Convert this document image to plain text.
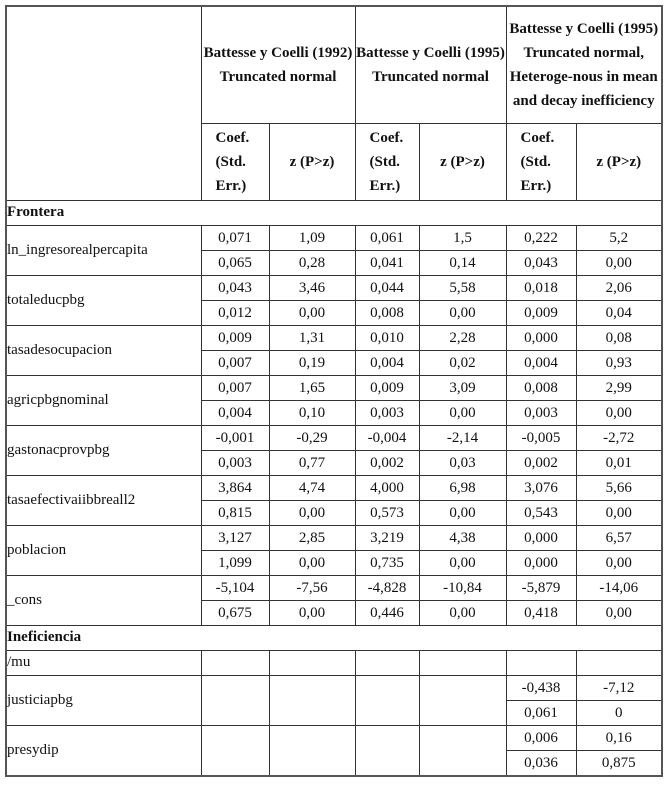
	Battesse y Coelli (1992) Truncated normal		Battesse y Coelli (1995) Truncated normal		Battesse y Coelli (1995) Truncated normal, Heteroge-nous in mean and decay inefficiency	
	Coef. (Std. Err.)	z (P>z)	Coef. (Std. Err.)	z (P>z)	Coef. (Std. Err.)	z (P>z)
Frontera						
ln_ingresorealpercapita	0,071	1,09	0,061	1,5	0,222	5,2
	0,065	0,28	0,041	0,14	0,043	0,00
totaleducpbg	0,043	3,46	0,044	5,58	0,018	2,06
	0,012	0,00	0,008	0,00	0,009	0,04
tasadesocupacion	0,009	1,31	0,010	2,28	0,000	0,08
	0,007	0,19	0,004	0,02	0,004	0,93
agricpbgnominal	0,007	1,65	0,009	3,09	0,008	2,99
	0,004	0,10	0,003	0,00	0,003	0,00
gastonacprovpbg	-0,001	-0,29	-0,004	-2,14	-0,005	-2,72
	0,003	0,77	0,002	0,03	0,002	0,01
tasaefectivaiibbreall2	3,864	4,74	4,000	6,98	3,076	5,66
	0,815	0,00	0,573	0,00	0,543	0,00
poblacion	3,127	2,85	3,219	4,38	0,000	6,57
	1,099	0,00	0,735	0,00	0,000	0,00
_cons	-5,104	-7,56	-4,828	-10,84	-5,879	-14,06
	0,675	0,00	0,446	0,00	0,418	0,00
Ineficiencia						
/mu						
justiciapbg					-0,438	-7,12
					0,061	0
presydip					0,006	0,16
					0,036	0,875
